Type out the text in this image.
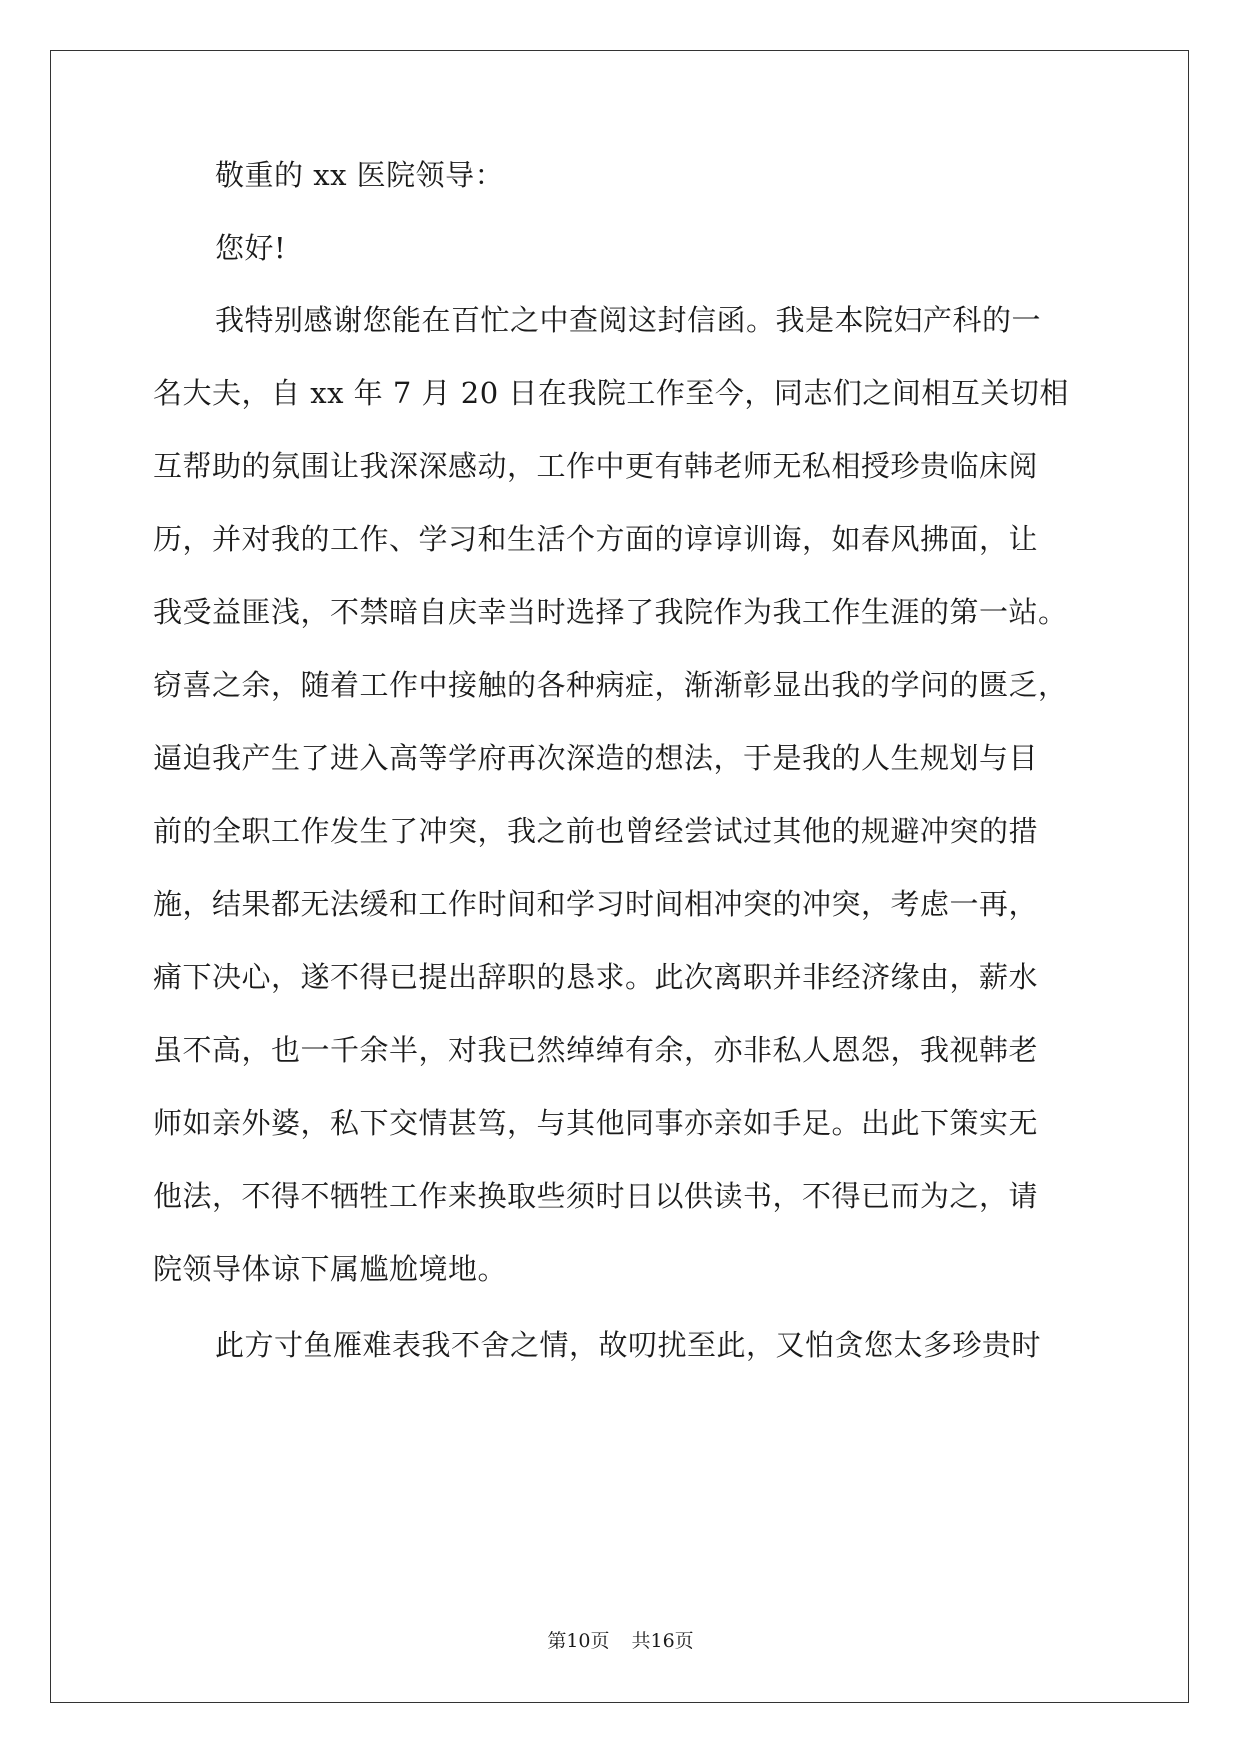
敬重的 xx 医院领导：
您好!
我特别感谢您能在百忙之中查阅这封信函。我是本院妇产科的一
名大夫，自 xx 年 7 月 20 日在我院工作至今，同志们之间相互关切相
互帮助的氛围让我深深感动，工作中更有韩老师无私相授珍贵临床阅
历，并对我的工作、学习和生活个方面的谆谆训诲，如春风拂面，让
我受益匪浅，不禁暗自庆幸当时选择了我院作为我工作生涯的第一站。
窃喜之余，随着工作中接触的各种病症，渐渐彰显出我的学问的匮乏，
逼迫我产生了进入高等学府再次深造的想法，于是我的人生规划与目
前的全职工作发生了冲突，我之前也曾经尝试过其他的规避冲突的措
施，结果都无法缓和工作时间和学习时间相冲突的冲突，考虑一再，
痛下决心，遂不得已提出辞职的恳求。此次离职并非经济缘由，薪水
虽不高，也一千余半，对我已然绰绰有余，亦非私人恩怨，我视韩老
师如亲外婆，私下交情甚笃，与其他同事亦亲如手足。出此下策实无
他法，不得不牺牲工作来换取些须时日以供读书，不得已而为之，请
院领导体谅下属尴尬境地。
此方寸鱼雁难表我不舍之情，故叨扰至此，又怕贪您太多珍贵时
第10页 共16页
